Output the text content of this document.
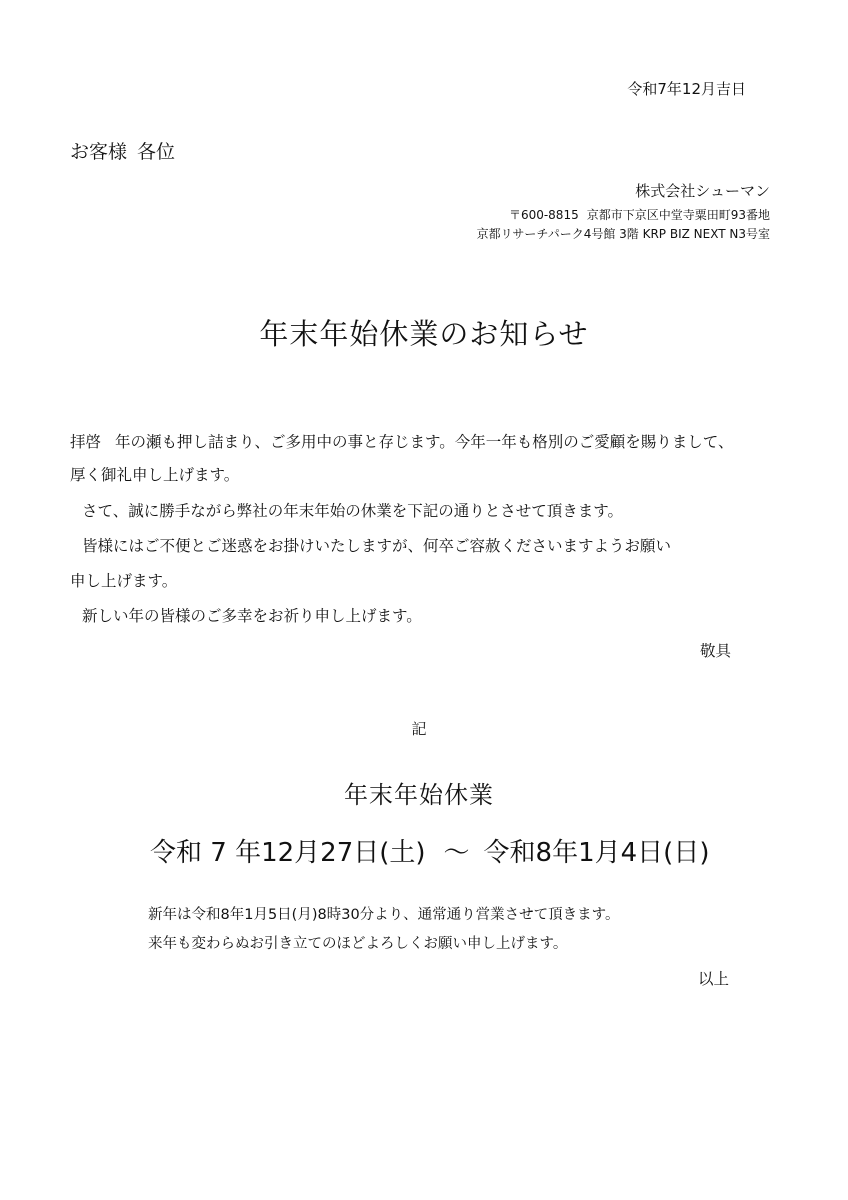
令和7年12月吉日
お客様 各位
株式会社シューマン
〒600-8815 京都市下京区中堂寺粟田町93番地
京都リサーチパーク4号館 3階 KRP BIZ NEXT N3号室
年末年始休業のお知らせ
拝啓 年の瀬も押し詰まり、ご多用中の事と存じます。今年一年も格別のご愛顧を賜りまして、
厚く御礼申し上げます。
さて、誠に勝手ながら弊社の年末年始の休業を下記の通りとさせて頂きます。
皆様にはご不便とご迷惑をお掛けいたしますが、何卒ご容赦くださいますようお願い
申し上げます。
新しい年の皆様のご多幸をお祈り申し上げます。
敬具
記
年末年始休業
令和 7 年12月27日(土) ～ 令和8年1月4日(日)
新年は令和8年1月5日(月)8時30分より、通常通り営業させて頂きます。
来年も変わらぬお引き立てのほどよろしくお願い申し上げます。
以上
